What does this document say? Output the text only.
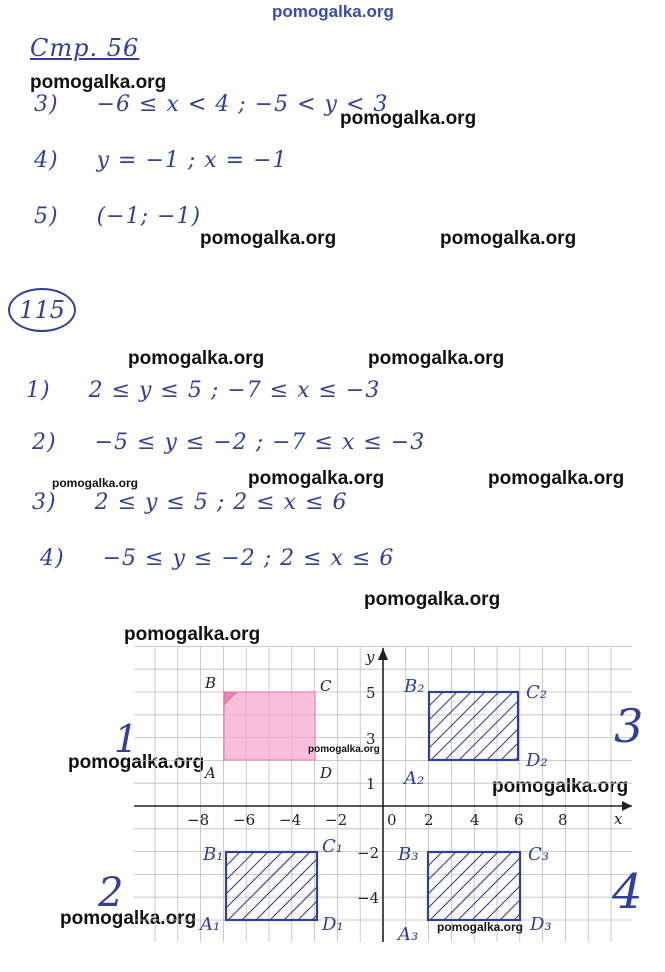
pomogalka.org
pomogalka.org
pomogalka.org
pomogalka.org	pomogalka.org
pomogalka.org	pomogalka.org
pomogalka.org	pomogalka.org	pomogalka.org
pomogalka.org
pomogalka.org
pomogalka.org
pomogalka.org
pomogalka.org
Стр. 56
3) −6 ≤ x < 4 ; −5 < y < 3
4) y = −1 ; x = −1
5) (−1; −1)
115
1) 2 ≤ y ≤ 5 ; −7 ≤ x ≤ −3
2) −5 ≤ y ≤ −2 ; −7 ≤ x ≤ −3
3) 2 ≤ y ≤ 5 ; 2 ≤ x ≤ 6
4) −5 ≤ y ≤ −2 ; 2 ≤ x ≤ 6
x
y
−8 −6 −4 −2	0 2 4 6 8
5
3
1
−2
−4
B	C
A	D
1
2
3
4
B₁	C₁
A₁	D₁
B₂	C₂
A₂
D₂
B₃	C₃
A₃	D₃
pomogalka.org
pomogalka.org
